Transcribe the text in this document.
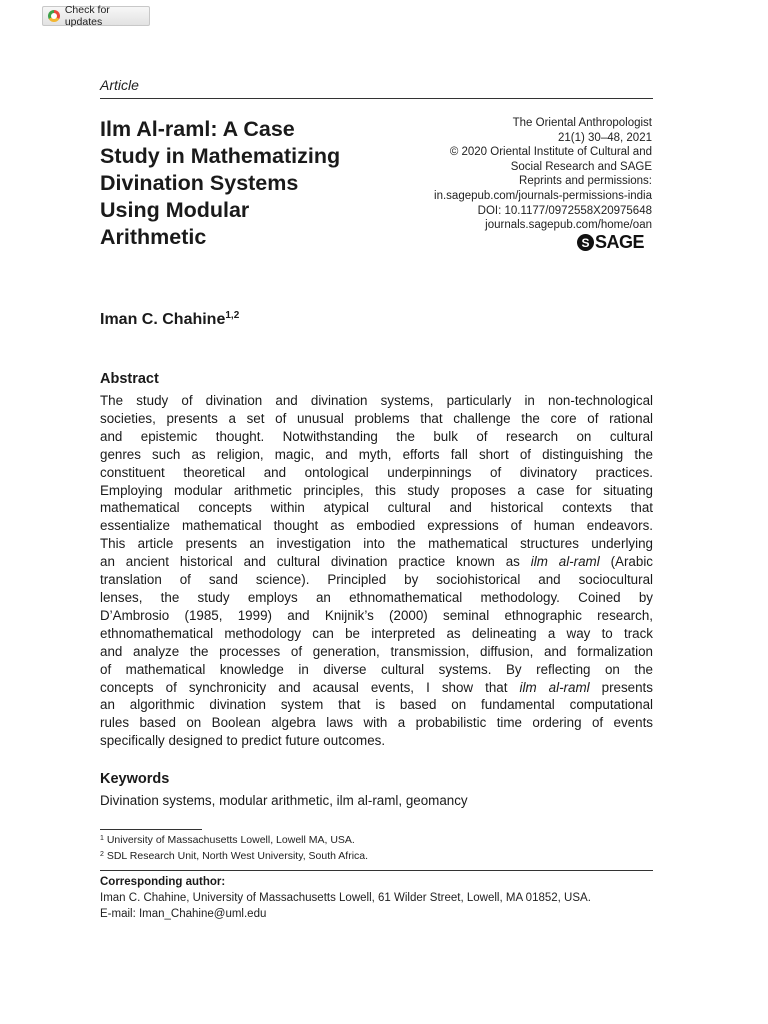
Check for updates
Article
Ilm Al-raml: A Case
Study in Mathematizing
Divination Systems
Using Modular
Arithmetic
The Oriental Anthropologist
21(1) 30–48, 2021
© 2020 Oriental Institute of Cultural and
Social Research and SAGE
Reprints and permissions:
in.sagepub.com/journals-permissions-india
DOI: 10.1177/0972558X20975648
journals.sagepub.com/home/oan
S SAGE
Iman C. Chahine$^{1,2}$
Abstract
The study of divination and divination systems, particularly in non-technological
societies, presents a set of unusual problems that challenge the core of rational
and epistemic thought. Notwithstanding the bulk of research on cultural
genres such as religion, magic, and myth, efforts fall short of distinguishing the
constituent theoretical and ontological underpinnings of divinatory practices.
Employing modular arithmetic principles, this study proposes a case for situating
mathematical concepts within atypical cultural and historical contexts that
essentialize mathematical thought as embodied expressions of human endeavors.
This article presents an investigation into the mathematical structures underlying
an ancient historical and cultural divination practice known as ilm al-raml (Arabic
translation of sand science). Principled by sociohistorical and sociocultural
lenses, the study employs an ethnomathematical methodology. Coined by
D’Ambrosio (1985, 1999) and Knijnik’s (2000) seminal ethnographic research,
ethnomathematical methodology can be interpreted as delineating a way to track
and analyze the processes of generation, transmission, diffusion, and formalization
of mathematical knowledge in diverse cultural systems. By reflecting on the
concepts of synchronicity and acausal events, I show that ilm al-raml presents
an algorithmic divination system that is based on fundamental computational
rules based on Boolean algebra laws with a probabilistic time ordering of events
specifically designed to predict future outcomes.
Keywords
Divination systems, modular arithmetic, ilm al-raml, geomancy
$^1$ University of Massachusetts Lowell, Lowell MA, USA.
$^2$ SDL Research Unit, North West University, South Africa.
Corresponding author:
Iman C. Chahine, University of Massachusetts Lowell, 61 Wilder Street, Lowell, MA 01852, USA.
E-mail: Iman_Chahine@uml.edu
